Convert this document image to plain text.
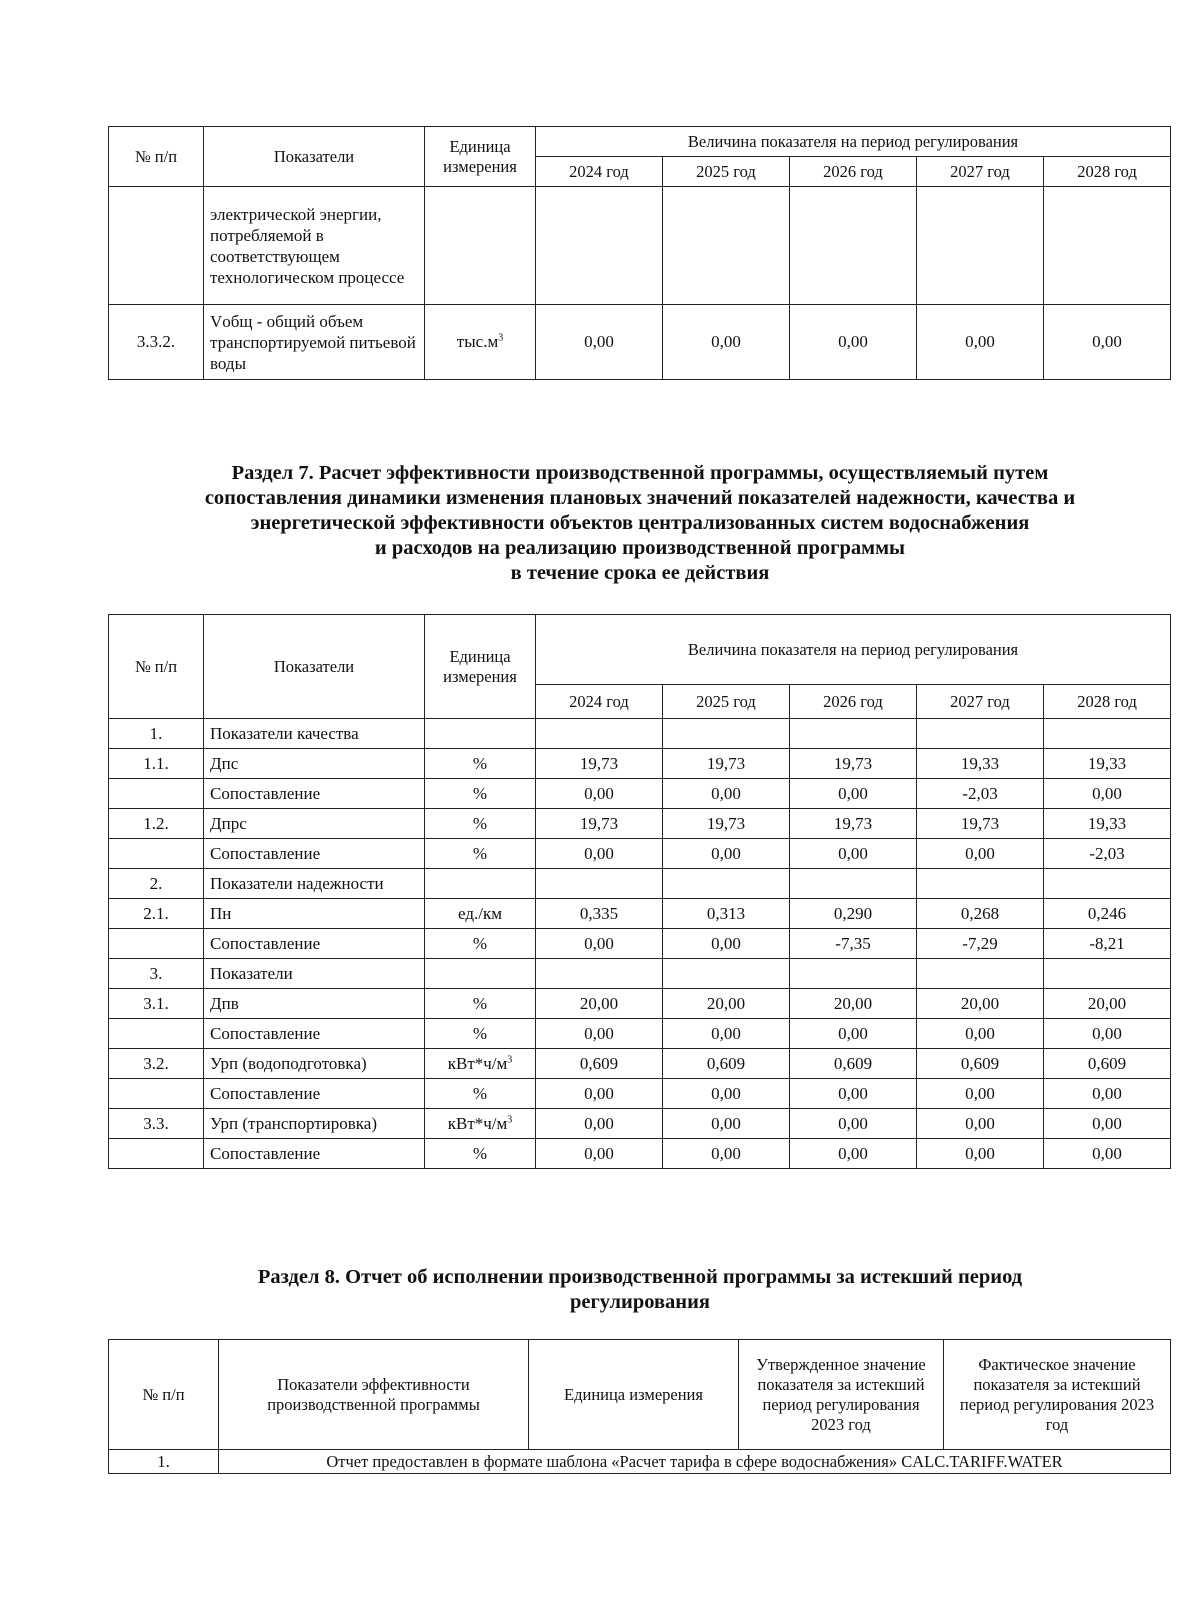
№ п/п	Показатели	Единица измерения	Величина показателя на период регулирования				
			2024 год	2025 год	2026 год	2027 год	2028 год
	электрической энергии, потребляемой в соответствующем технологическом процессе						
3.3.2.	Vобщ - общий объем транспортируемой питьевой воды	$тыс.м^3$	0,00	0,00	0,00	0,00	0,00
Раздел 7. Расчет эффективности производственной программы, осуществляемый путем
сопоставления динамики изменения плановых значений показателей надежности, качества и
энергетической эффективности объектов централизованных систем водоснабжения
и расходов на реализацию производственной программы
в течение срока ее действия
№ п/п	Показатели	Единица измерения	Величина показателя на период регулирования				
			2024 год	2025 год	2026 год	2027 год	2028 год
1.	Показатели качества						
1.1.	Дпс	%	19,73	19,73	19,73	19,33	19,33
	Сопоставление	%	0,00	0,00	0,00	-2,03	0,00
1.2.	Дпрс	%	19,73	19,73	19,73	19,73	19,33
	Сопоставление	%	0,00	0,00	0,00	0,00	-2,03
2.	Показатели надежности						
2.1.	Пн	ед./км	0,335	0,313	0,290	0,268	0,246
	Сопоставление	%	0,00	0,00	-7,35	-7,29	-8,21
3.	Показатели						
3.1.	Дпв	%	20,00	20,00	20,00	20,00	20,00
	Сопоставление	%	0,00	0,00	0,00	0,00	0,00
3.2.	Урп (водоподготовка)	$кВт*ч/м^3$	0,609	0,609	0,609	0,609	0,609
	Сопоставление	%	0,00	0,00	0,00	0,00	0,00
3.3.	Урп (транспортировка)	$кВт*ч/м^3$	0,00	0,00	0,00	0,00	0,00
	Сопоставление	%	0,00	0,00	0,00	0,00	0,00
Раздел 8. Отчет об исполнении производственной программы за истекший период
регулирования
№ п/п	Показатели эффективности производственной программы	Единица измерения	Утвержденное значение показателя за истекший период регулирования 2023 год	Фактическое значение показателя за истекший период регулирования 2023 год
1.	Отчет предоставлен в формате шаблона «Расчет тарифа в сфере водоснабжения» CALC.TARIFF.WATER			
